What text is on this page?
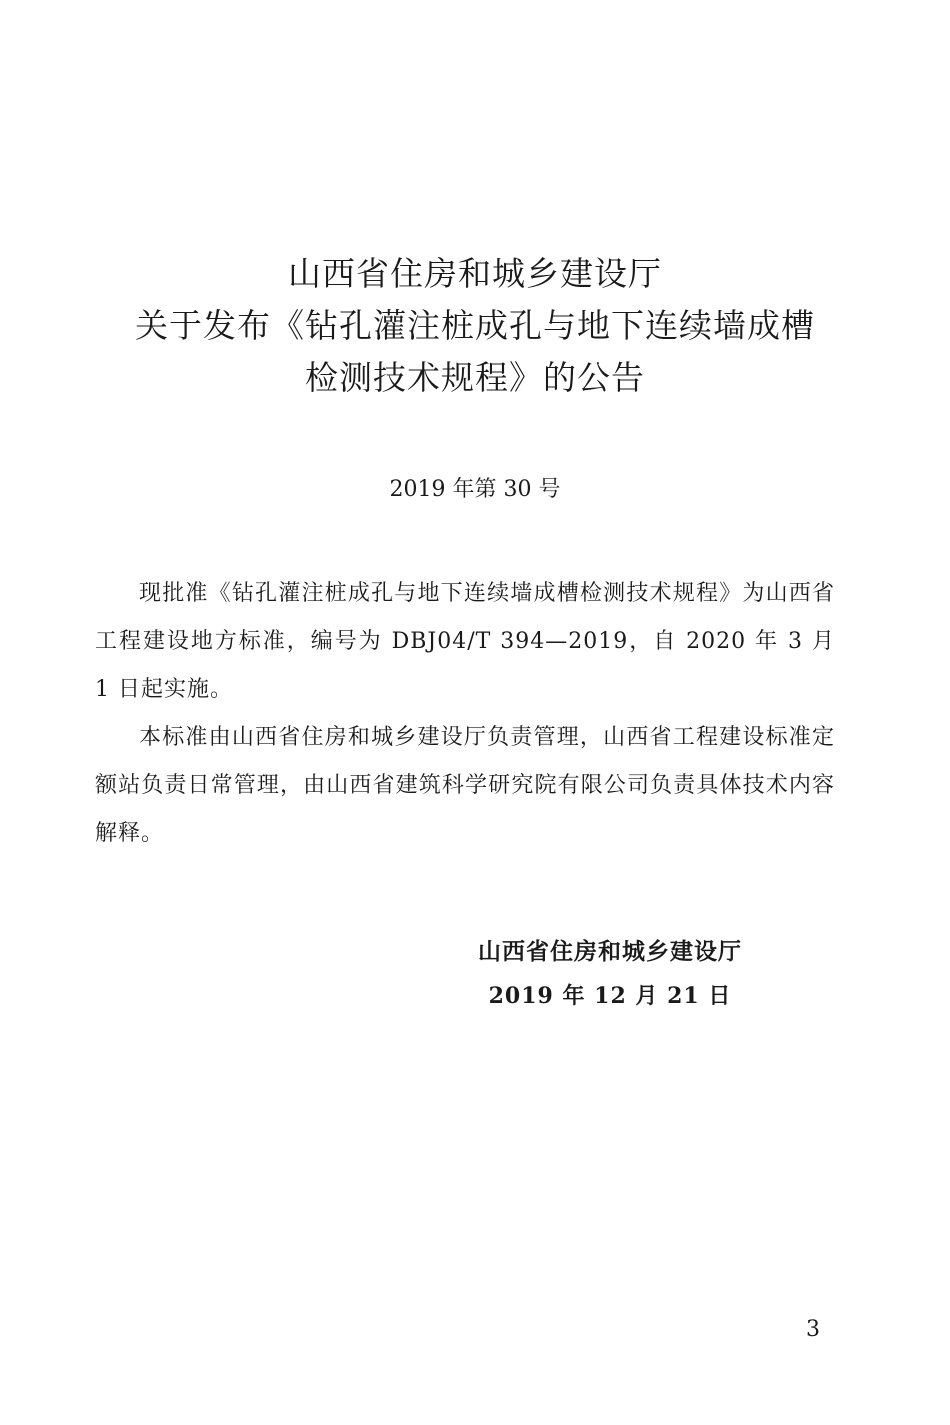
山西省住房和城乡建设厅
关于发布《钻孔灌注桩成孔与地下连续墙成槽
检测技术规程》的公告
2019 年第 30 号

现批准《钻孔灌注桩成孔与地下连续墙成槽检测技术规程》为山西省工程建设地方标准，编号为 DBJ04/T 394—2019，自 2020 年 3 月 1 日起实施。

本标准由山西省住房和城乡建设厅负责管理，山西省工程建设标准定额站负责日常管理，由山西省建筑科学研究院有限公司负责具体技术内容解释。

山西省住房和城乡建设厅
2019 年 12 月 21 日
3
